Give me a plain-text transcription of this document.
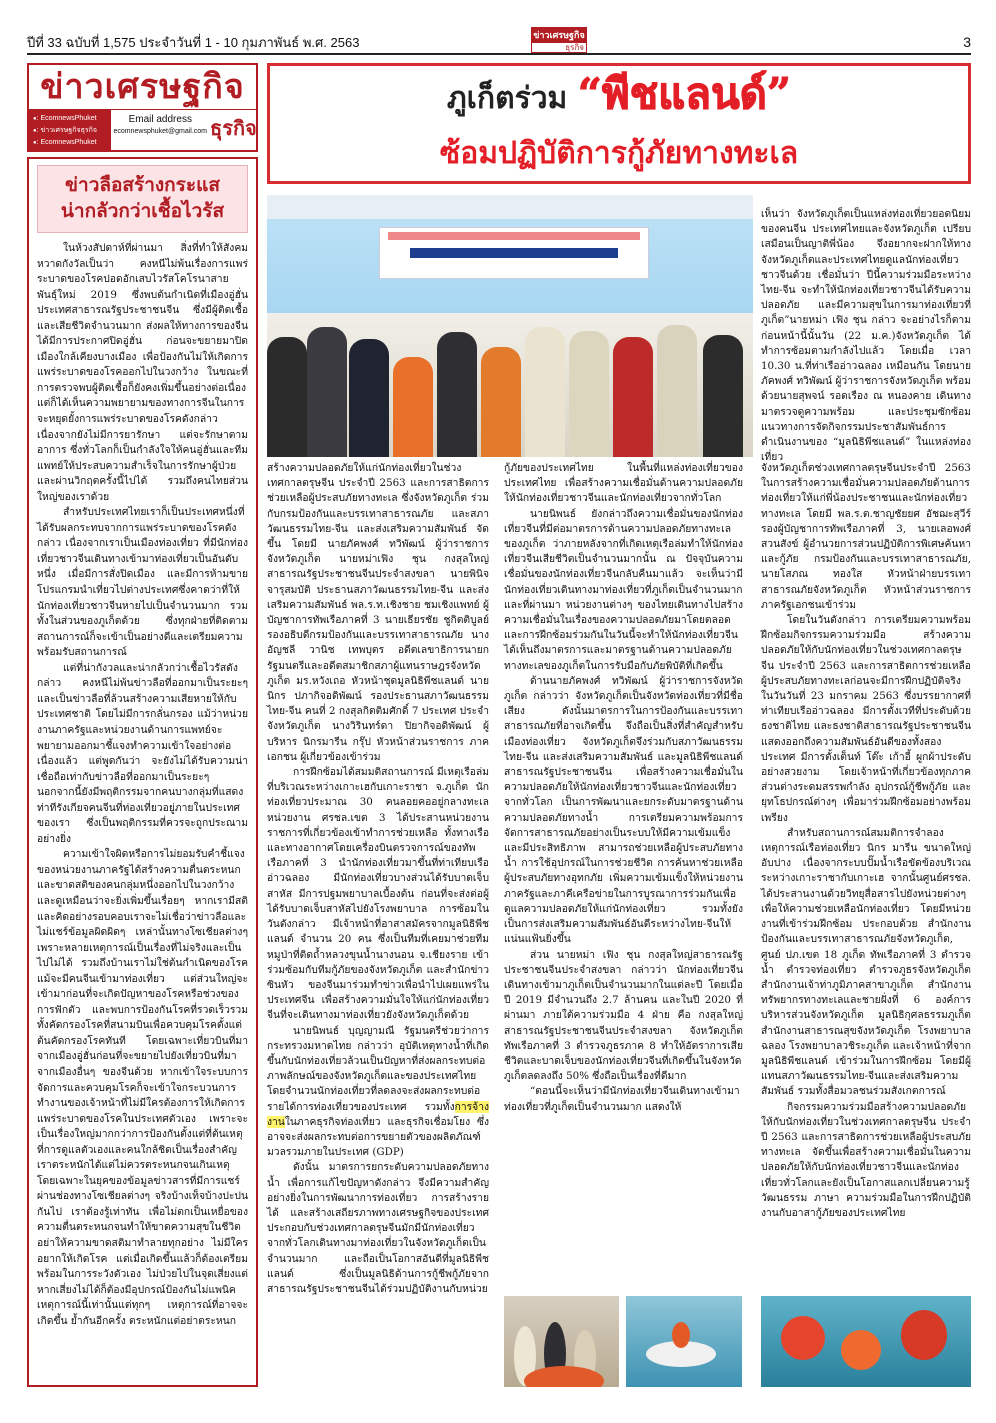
ปีที่ 33 ฉบับที่ 1,575 ประจำวันที่ 1 - 10 กุมภาพันธ์ พ.ศ. 2563	ข่าวเศรษฐกิจ
ธุรกิจ	3
ข่าวเศรษฐกิจ
● : EcomnewsPhuket
● : ข่าวเศรษฐกิจธุรกิจ
● : EcomnewsPhuket
Email address
ecomnewsphuket@gmail.com ธุรกิจ
ข่าวลือสร้างกระแส
น่ากลัวกว่าเชื้อไวรัส

ในห้วงสัปดาห์ที่ผ่านมา สิ่งที่ทำให้สังคมหวาดกังวัลเป็นว่า คงหนีไม่พ้นเรื่องการแพร่ระบาดของโรคปอดอักเสบไวรัสโคโรนาสายพันธุ์ใหม่ 2019 ซึ่งพบต้นกำเนิดที่เมืองอู่ฮั่น ประเทศสาธารณรัฐประชาชนจีน ซึ่งมีผู้ติดเชื้อและเสียชีวิตจำนวนมาก ส่งผลให้ทางการของจีนได้มีการประกาศปิดอู่ฮั่น ก่อนจะขยายมาปิดเมืองใกล้เคียงบางเมือง เพื่อป้องกันไม่ให้เกิดการแพร่ระบาดของโรคออกไปในวงกว้าง ในขณะที่การตรวจพบผู้ติดเชื้อก็ยังคงเพิ่มขึ้นอย่างต่อเนื่อง แต่ก็ได้เห็นความพยายามของทางการจีนในการจะหยุดยั้งการแพร่ระบาดของโรคดังกล่าวเนื่องจากยังไม่มีการยารักษา แต่จะรักษาตามอาการ ซึ่งทั่วโลกก็เป็นกำลังใจให้คนอู่ฮั่นและทีมแพทย์ให้ประสบความสำเร็จในการรักษาผู้ป่วยและผ่านวิกฤตครั้งนี้ไปได้ รวมถึงคนไทยส่วนใหญ่ของเราด้วย

สำหรับประเทศไทยเราก็เป็นประเทศหนึ่งที่ได้รับผลกระทบจากการแพร่ระบาดของโรคดังกล่าว เนื่องจากเราเป็นเมืองท่องเที่ยว ที่มีนักท่องเที่ยวชาวจีนเดินทางเข้ามาท่องเที่ยวเป็นอันดับหนึ่ง เมื่อมีการสั่งปิดเมือง และมีการห้ามขายโปรแกรมนำเที่ยวไปต่างประเทศซึ่งคาดว่าที่ให้นักท่องเที่ยวชาวจีนหายไปเป็นจำนวนมาก รวมทั้งในส่วนของภูเก็ตด้วย ซึ่งทุกฝ่ายที่ติดตามสถานการณ์ก็จะเข้าเป็นอย่างดีและเตรียมความพร้อมรับสถานการณ์

แต่ที่น่ากังวลและน่ากลัวกว่าเชื้อไวรัสดังกล่าว คงหนีไม่พ้นข่าวลือที่ออกมาเป็นระยะๆ และเป็นข่าวลือที่ล้วนสร้างความเสียหายให้กับประเทศชาติ โดยไม่มีการกลั่นกรอง แม้ว่าหน่วยงานภาครัฐและหน่วยงานด้านการแพทย์จะพยายามออกมาชี้แจงทำความเข้าใจอย่างต่อเนื่องแล้ว แต่พูดกันว่า จะยังไม่ได้รับความน่าเชื่อถือเท่ากับข่าวลือที่ออกมาเป็นระยะๆ นอกจากนี้ยังมีพฤติกรรมจากคนบางกลุ่มที่แสดงท่าทีรังเกียจคนจีนที่ท่องเที่ยวอยู่ภายในประเทศของเรา ซึ่งเป็นพฤติกรรมที่ควรจะถูกประณามอย่างยิ่ง

ความเข้าใจผิดหรือการไม่ยอมรับคำชี้แจงของหน่วยงานภาครัฐได้สร้างความตื่นตระหนกและขาดสติของคนกลุ่มหนึ่งออกไปในวงกว้าง และดูเหมือนว่าจะยิ่งเพิ่มขึ้นเรื่อยๆ หากเรามีสติและคิดอย่างรอบคอบเราจะไม่เชื่อว่าข่าวลือและไม่แชร์ข้อมูลผิดผิดๆ เหล่านั้นทางโซเชียลต่างๆ เพราะหลายเหตุการณ์เป็นเรื่องที่ไม่จริงและเป็นไปไม่ได้ รวมถึงบ้านเราไม่ใช่ต้นกำเนิดของโรค แม้จะมีคนจีนเข้ามาท่องเที่ยว แต่ส่วนใหญ่จะเข้ามาก่อนที่จะเกิดปัญหาของโรคหรือช่วงของการฟักตัว และพบการป้องกันโรคที่รวดเร็วรวมทั้งคัดกรองโรคที่สนามบินเพื่อควบคุมโรคตั้งแต่ต้นคัดกรองโรคทันที โดยเฉพาะเที่ยวบินที่มาจากเมืองอู่ฮั่นก่อนที่จะขยายไปยังเที่ยวบินที่มาจากเมืองอื่นๆ ของจีนด้วย หากเข้าใจระบบการจัดการและควบคุมโรคก็จะเข้าใจกระบวนการทำงานของเจ้าหน้าที่ไม่มีใครต้องการให้เกิดการแพร่ระบาดของโรคในประเทศตัวเอง เพราะจะเป็นเรื่องใหญ่มากกว่าการป้องกันตั้งแต่ที่ต้นเหตุ ที่การดูแลตัวเองและคนใกล้ชิดเป็นเรื่องสำคัญ เราตระหนักได้แต่ไม่ควรตระหนกจนเกินเหตุ โดยเฉพาะในยุคของข้อมูลข่าวสารที่มีการแชร์ผ่านช่องทางโซเชียลต่างๆ จริงบ้างเท็จบ้างปะปนกันไป เราต้องรู้เท่าทัน เพื่อไม่ตกเป็นเหยื่อของความตื่นตระหนกจนทำให้ขาดความสุขในชีวิตอย่าให้ความขาดสติมาทำลายทุกอย่าง ไม่มีใครอยากให้เกิดโรค แต่เมื่อเกิดขึ้นแล้วก็ต้องเตรียมพร้อมในการระวังตัวเอง ไม่ป่วยไปในจุดเสี่ยงแต่หากเสี่ยงไม่ได้ก็ต้องมีอุปกรณ์ป้องกันไม่แพนิคเหตุการณ์นี้เท่านั้นแต่ทุกๆ เหตุการณ์ที่อาจจะเกิดขึ้น ย้ำกันอีกครั้ง ตระหนักแต่อย่าตระหนก

ภูเก็ตร่วม “พีชแลนด์”
ซ้อมปฏิบัติการกู้ภัยทางทะเล
เห็นว่า จังหวัดภูเก็ตเป็นแหล่งท่องเที่ยวยอดนิยมของคนจีน ประเทศไทยและจังหวัดภูเก็ต เปรียบเสมือนเป็นญาติพี่น้อง จึงอยากจะฝากให้ทางจังหวัดภูเก็ตและประเทศไทยดูแลนักท่องเที่ยวชาวจีนด้วย เชื่อมั่นว่า ปีนี้ความร่วมมือระหว่างไทย-จีน จะทำให้นักท่องเที่ยวชาวจีนได้รับความปลอดภัย และมีความสุขในการมาท่องเที่ยวที่ภูเก็ต”นายหม่า เฟิง ชุน กล่าว จะอย่างไรก็ตาม ก่อนหน้านี้นั้นวัน (22 ม.ค.)จังหวัดภูเก็ต ได้ทำการซ้อมตามกำลังไปแล้ว โดยเมื่อ เวลา 10.30 น.ที่ท่าเรืออ่าวฉลอง เหมือนกัน โดยนายภัคพงศ์ ทวิพัฒน์ ผู้ว่าราชการจังหวัดภูเก็ต พร้อมด้วยนายสุพจน์ รอดเรือง ณ หนองคาย เดินทางมาตรวจดูความพร้อม และประชุมซักซ้อมแนวทางการจัดกิจกรรมประชาสัมพันธ์การดำเนินงานของ “มูลนิธิพีชแลนด์” ในแหล่งท่องเที่ยว

สร้างความปลอดภัยให้แก่นักท่องเที่ยวในช่วงเทศกาลตรุษจีน ประจำปี 2563 และการสาธิตการช่วยเหลือผู้ประสบภัยทางทะเล ซึ่งจังหวัดภูเก็ต ร่วมกับกรมป้องกันและบรรเทาสาธารณภัย และสภาวัฒนธรรมไทย-จีน และส่งเสริมความสัมพันธ์ จัดขึ้น โดยมี นายภัคพงศ์ ทวิพัฒน์ ผู้ว่าราชการจังหวัดภูเก็ต นายหม่าเฟิง ชุน กงสุลใหญ่สาธารณรัฐประชาชนจีนประจำสงขลา นายพินิจ จารุสมบัติ ประธานสภาวัฒนธรรมไทย-จีน และส่งเสริมความสัมพันธ์ พล.ร.ท.เชิงชาย ชมเชิงแพทย์ ผู้บัญชาการทัพเรือภาคที่ 3 นายเธียรชัย ชูกิตติบูลย์ รองอธิบดีกรมป้องกันและบรรเทาสาธารณภัย นางอัญชลี วานิช เทพบุตร อดีตเลขาธิการนายกรัฐมนตรีและอดีตสมาชิกสภาผู้แทนราษฎรจังหวัดภูเก็ต มร.หวังเถอ หัวหน้าชุดมูลนิธิพีชแลนด์ นายนิกร ปภากิจอดิพัฒน์ รองประธานสภาวัฒนธรรมไทย-จีน คนที่ 2 กงสุลกิตติมศักดิ์ 7 ประเทศ ประจำจังหวัดภูเก็ต นางวิรินทร์ดา ปิยากิจอดิพัฒน์ ผู้บริหาร นิกรมารีน กรุ๊ป หัวหน้าส่วนราชการ ภาคเอกชน ผู้เกี่ยวข้องเข้าร่วม

การฝึกซ้อมได้สมมติสถานการณ์ มีเหตุเรือล่มที่บริเวณระหว่างเกาะเฮกับเกาะราชา จ.ภูเก็ต นักท่องเที่ยวประมาณ 30 คนลอยคออยู่กลางทะเล หน่วยงาน ศรชล.เขต 3 ได้ประสานหน่วยงานราชการที่เกี่ยวข้องเข้าทำการช่วยเหลือ ทั้งทางเรือและทางอากาศโดยเครื่องบินตรวจการณ์ของทัพเรือภาคที่ 3 นำนักท่องเที่ยวมาขึ้นที่ท่าเทียบเรืออ่าวฉลอง มีนักท่องเที่ยวบางส่วนได้รับบาดเจ็บสาหัส มีการปฐมพยาบาลเบื้องต้น ก่อนที่จะส่งต่อผู้ได้รับบาดเจ็บสาหัสไปยังโรงพยาบาล การซ้อมในวันดังกล่าว มีเจ้าหน้าที่อาสาสมัครจากมูลนิธิพีชแลนด์ จำนวน 20 คน ซึ่งเป็นทีมที่เคยมาช่วยทีมหมูป่าที่ติดถ้ำหลวงขุนน้ำนางนอน จ.เชียงราย เข้าร่วมซ้อมกับทีมกู้ภัยของจังหวัดภูเก็ต และสำนักข่าวซินหัว ของจีนมาร่วมทำข่าวเพื่อนำไปเผยแพร่ในประเทศจีน เพื่อสร้างความมั่นใจให้แก่นักท่องเที่ยวจีนที่จะเดินทางมาท่องเที่ยวยังจังหวัดภูเก็ตด้วย

นายนิพนธ์ บุญญามณี รัฐมนตรีช่วยว่าการกระทรวงมหาดไทย กล่าวว่า อุบัติเหตุทางน้ำที่เกิดขึ้นกับนักท่องเที่ยวล้วนเป็นปัญหาที่ส่งผลกระทบต่อภาพลักษณ์ของจังหวัดภูเก็ตและของประเทศไทย โดยจำนวนนักท่องเที่ยวที่ลดลงจะส่งผลกระทบต่อรายได้การท่องเที่ยวของประเทศ รวมทั้งการจ้างงานในภาคธุรกิจท่องเที่ยว และธุรกิจเชื่อมโยง ซึ่งอาจจะส่งผลกระทบต่อการขยายตัวของผลิตภัณฑ์มวลรวมภายในประเทศ (GDP)

ดังนั้น มาตรการยกระดับความปลอดภัยทางน้ำ เพื่อการแก้ไขปัญหาดังกล่าว จึงมีความสำคัญอย่างยิ่งในการพัฒนาการท่องเที่ยว การสร้างรายได้ และสร้างเสถียรภาพทางเศรษฐกิจของประเทศ ประกอบกับช่วงเทศกาลตรุษจีนมักมีนักท่องเที่ยวจากทั่วโลกเดินทางมาท่องเที่ยวในจังหวัดภูเก็ตเป็นจำนวนมาก และถือเป็นโอกาสอันดีที่มูลนิธิพีชแลนด์ ซึ่งเป็นมูลนิธิด้านการกู้ชีพกู้ภัยจากสาธารณรัฐประชาชนจีนได้ร่วมปฏิบัติงานกับหน่วย

กู้ภัยของประเทศไทย ในพื้นที่แหล่งท่องเที่ยวของประเทศไทย เพื่อสร้างความเชื่อมั่นด้านความปลอดภัยให้นักท่องเที่ยวชาวจีนและนักท่องเที่ยวจากทั่วโลก

นายนิพนธ์ ยังกล่าวถึงความเชื่อมั่นของนักท่องเที่ยวจีนที่มีต่อมาตรการด้านความปลอดภัยทางทะเลของภูเก็ต ว่าภายหลังจากที่เกิดเหตุเรือล่มทำให้นักท่องเที่ยวจีนเสียชีวิตเป็นจำนวนมากนั้น ณ ปัจจุบันความเชื่อมั่นของนักท่องเที่ยวจีนกลับคืนมาแล้ว จะเห็นว่ามีนักท่องเที่ยวเดินทางมาท่องเที่ยวที่ภูเก็ตเป็นจำนวนมาก และที่ผ่านมา หน่วยงานต่างๆ ของไทยเดินทางไปสร้างความเชื่อมั่นในเรื่องของความปลอดภัยมาโดยตลอด และการฝึกซ้อมร่วมกันในวันนี้จะทำให้นักท่องเที่ยวจีนได้เห็นถึงมาตรการและมาตรฐานด้านความปลอดภัยทางทะเลของภูเก็ตในการรับมือกับภัยพิบัติที่เกิดขึ้น

ด้านนายภัคพงศ์ ทวิพัฒน์ ผู้ว่าราชการจังหวัดภูเก็ต กล่าวว่า จังหวัดภูเก็ตเป็นจังหวัดท่องเที่ยวที่มีชื่อเสียง ดังนั้นมาตรการในการป้องกันและบรรเทาสาธารณภัยที่อาจเกิดขึ้น จึงถือเป็นสิ่งที่สำคัญสำหรับเมืองท่องเที่ยว จังหวัดภูเก็ตจึงร่วมกับสภาวัฒนธรรมไทย-จีน และส่งเสริมความสัมพันธ์ และมูลนิธิพีชแลนด์ สาธารณรัฐประชาชนจีน เพื่อสร้างความเชื่อมั่นในความปลอดภัยให้นักท่องเที่ยวชาวจีนและนักท่องเที่ยวจากทั่วโลก เป็นการพัฒนาและยกระดับมาตรฐานด้านความปลอดภัยทางน้ำ การเตรียมความพร้อมการจัดการสาธารณภัยอย่างเป็นระบบให้มีความเข้มแข็งและมีประสิทธิภาพ สามารถช่วยเหลือผู้ประสบภัยทางน้ำ การใช้อุปกรณ์ในการช่วยชีวิต การค้นหาช่วยเหลือผู้ประสบภัยทางอุทกภัย เพิ่มความเข้มแข็งให้หน่วยงานภาครัฐและภาคีเครือข่ายในการบูรณาการร่วมกันเพื่อดูแลความปลอดภัยให้แก่นักท่องเที่ยว รวมทั้งยังเป็นการส่งเสริมความสัมพันธ์อันดีระหว่างไทย-จีนให้แน่นแฟ้นยิ่งขึ้น

ส่วน นายหม่า เฟิง ชุน กงสุลใหญ่สาธารณรัฐประชาชนจีนประจำสงขลา กล่าวว่า นักท่องเที่ยวจีนเดินทางเข้ามาภูเก็ตเป็นจำนวนมากในแต่ละปี โดยเมื่อปี 2019 มีจำนวนถึง 2.7 ล้านคน และในปี 2020 ที่ผ่านมา ภายใต้ความร่วมมือ 4 ฝ่าย คือ กงสุลใหญ่สาธารณรัฐประชาชนจีนประจำสงขลา จังหวัดภูเก็ต ทัพเรือภาคที่ 3 ตำรวจภูธรภาค 8 ทำให้อัตราการเสียชีวิตและบาดเจ็บของนักท่องเที่ยวจีนที่เกิดขึ้นในจังหวัดภูเก็ตลดลงถึง 50% ซึ่งถือเป็นเรื่องที่ดีมาก

“ตอนนี้จะเห็นว่ามีนักท่องเที่ยวจีนเดินทางเข้ามาท่องเที่ยวที่ภูเก็ตเป็นจำนวนมาก แสดงให้

จังหวัดภูเก็ตช่วงเทศกาลตรุษจีนประจำปี 2563 ในการสร้างความเชื่อมั่นความปลอดภัยด้านการท่องเที่ยวให้แก่พี่น้องประชาชนและนักท่องเที่ยวทางทะเล โดยมี พล.ร.ต.ชาญชัยยศ อัชฌะสุวีร์ รองผู้บัญชาการทัพเรือภาคที่ 3, นายเลอพงศ์ สวนสังข์ ผู้อำนวยการส่วนปฏิบัติการพิเศษค้นหาและกู้ภัย กรมป้องกันและบรรเทาสาธารณภัย, นายโสภณ ทองใส หัวหน้าฝ่ายบรรเทาสาธารณภัยจังหวัดภูเก็ต หัวหน้าส่วนราชการภาครัฐเอกชนเข้าร่วม

โดยในวันดังกล่าว การเตรียมความพร้อมฝึกซ้อมกิจกรรมความร่วมมือ สร้างความปลอดภัยให้กับนักท่องเที่ยวในช่วงเทศกาลตรุษจีน ประจำปี 2563 และการสาธิตการช่วยเหลือผู้ประสบภัยทางทะเลก่อนจะมีการฝึกปฏิบัติจริงในวันวันที่ 23 มกราคม 2563 ซึ่งบรรยากาศที่ท่าเทียบเรืออ่าวฉลอง มีการตั้งเวทีที่ประดับด้วยธงชาติไทย และธงชาติสาธารณรัฐประชาชนจีน แสดงออกถึงความสัมพันธ์อันดีของทั้งสองประเทศ มีการตั้งเต็นท์ โต๊ะ เก้าอี้ ผูกผ้าประดับอย่างสวยงาม โดยเจ้าหน้าที่เกี่ยวข้องทุกภาคส่วนต่างระดมสรรพกำลัง อุปกรณ์กู้ชีพกู้ภัย และยุทโธปกรณ์ต่างๆ เพื่อมาร่วมฝึกซ้อมอย่างพร้อมเพรียง

สำหรับสถานการณ์สมมติการจำลองเหตุการณ์เรือท่องเที่ยว นิกร มารีน ขนาดใหญ่อับปาง เนื่องจากระบบปั๊มน้ำเรือขัดข้องบริเวณระหว่างเกาะราชากับเกาะเฮ จากนั้นศูนย์ศรชล. ได้ประสานงานด้วยวิทยุสื่อสารไปยังหน่วยต่างๆ เพื่อให้ความช่วยเหลือนักท่องเที่ยว โดยมีหน่วยงานที่เข้าร่วมฝึกซ้อม ประกอบด้วย สำนักงานป้องกันและบรรเทาสาธารณภัยจังหวัดภูเก็ต, ศูนย์ ปภ.เขต 18 ภูเก็ต ทัพเรือภาคที่ 3 ตำรวจน้ำ ตำรวจท่องเที่ยว ตำรวจภูธรจังหวัดภูเก็ต สำนักงานเจ้าท่าภูมิภาคสาขาภูเก็ต สำนักงานทรัพยากรทางทะเลและชายฝั่งที่ 6 องค์การบริหารส่วนจังหวัดภูเก็ต มูลนิธิกุศลธรรมภูเก็ต สำนักงานสาธารณสุขจังหวัดภูเก็ต โรงพยาบาลฉลอง โรงพยาบาลวชิระภูเก็ต และเจ้าหน้าที่จากมูลนิธิพีชแลนด์ เข้าร่วมในการฝึกซ้อม โดยมีผู้แทนสภาวัฒนธรรมไทย-จีนและส่งเสริมความสัมพันธ์ รวมทั้งสื่อมวลชนร่วมสังเกตการณ์

กิจกรรมความร่วมมือสร้างความปลอดภัยให้กับนักท่องเที่ยวในช่วงเทศกาลตรุษจีน ประจำปี 2563 และการสาธิตการช่วยเหลือผู้ประสบภัยทางทะเล จัดขึ้นเพื่อสร้างความเชื่อมั่นในความปลอดภัยให้กับนักท่องเที่ยวชาวจีนและนักท่องเที่ยวทั่วโลกและยังเป็นโอกาสแลกเปลี่ยนความรู้ วัฒนธรรม ภาษา ความร่วมมือในการฝึกปฏิบัติงานกับอาสากู้ภัยของประเทศไทย
